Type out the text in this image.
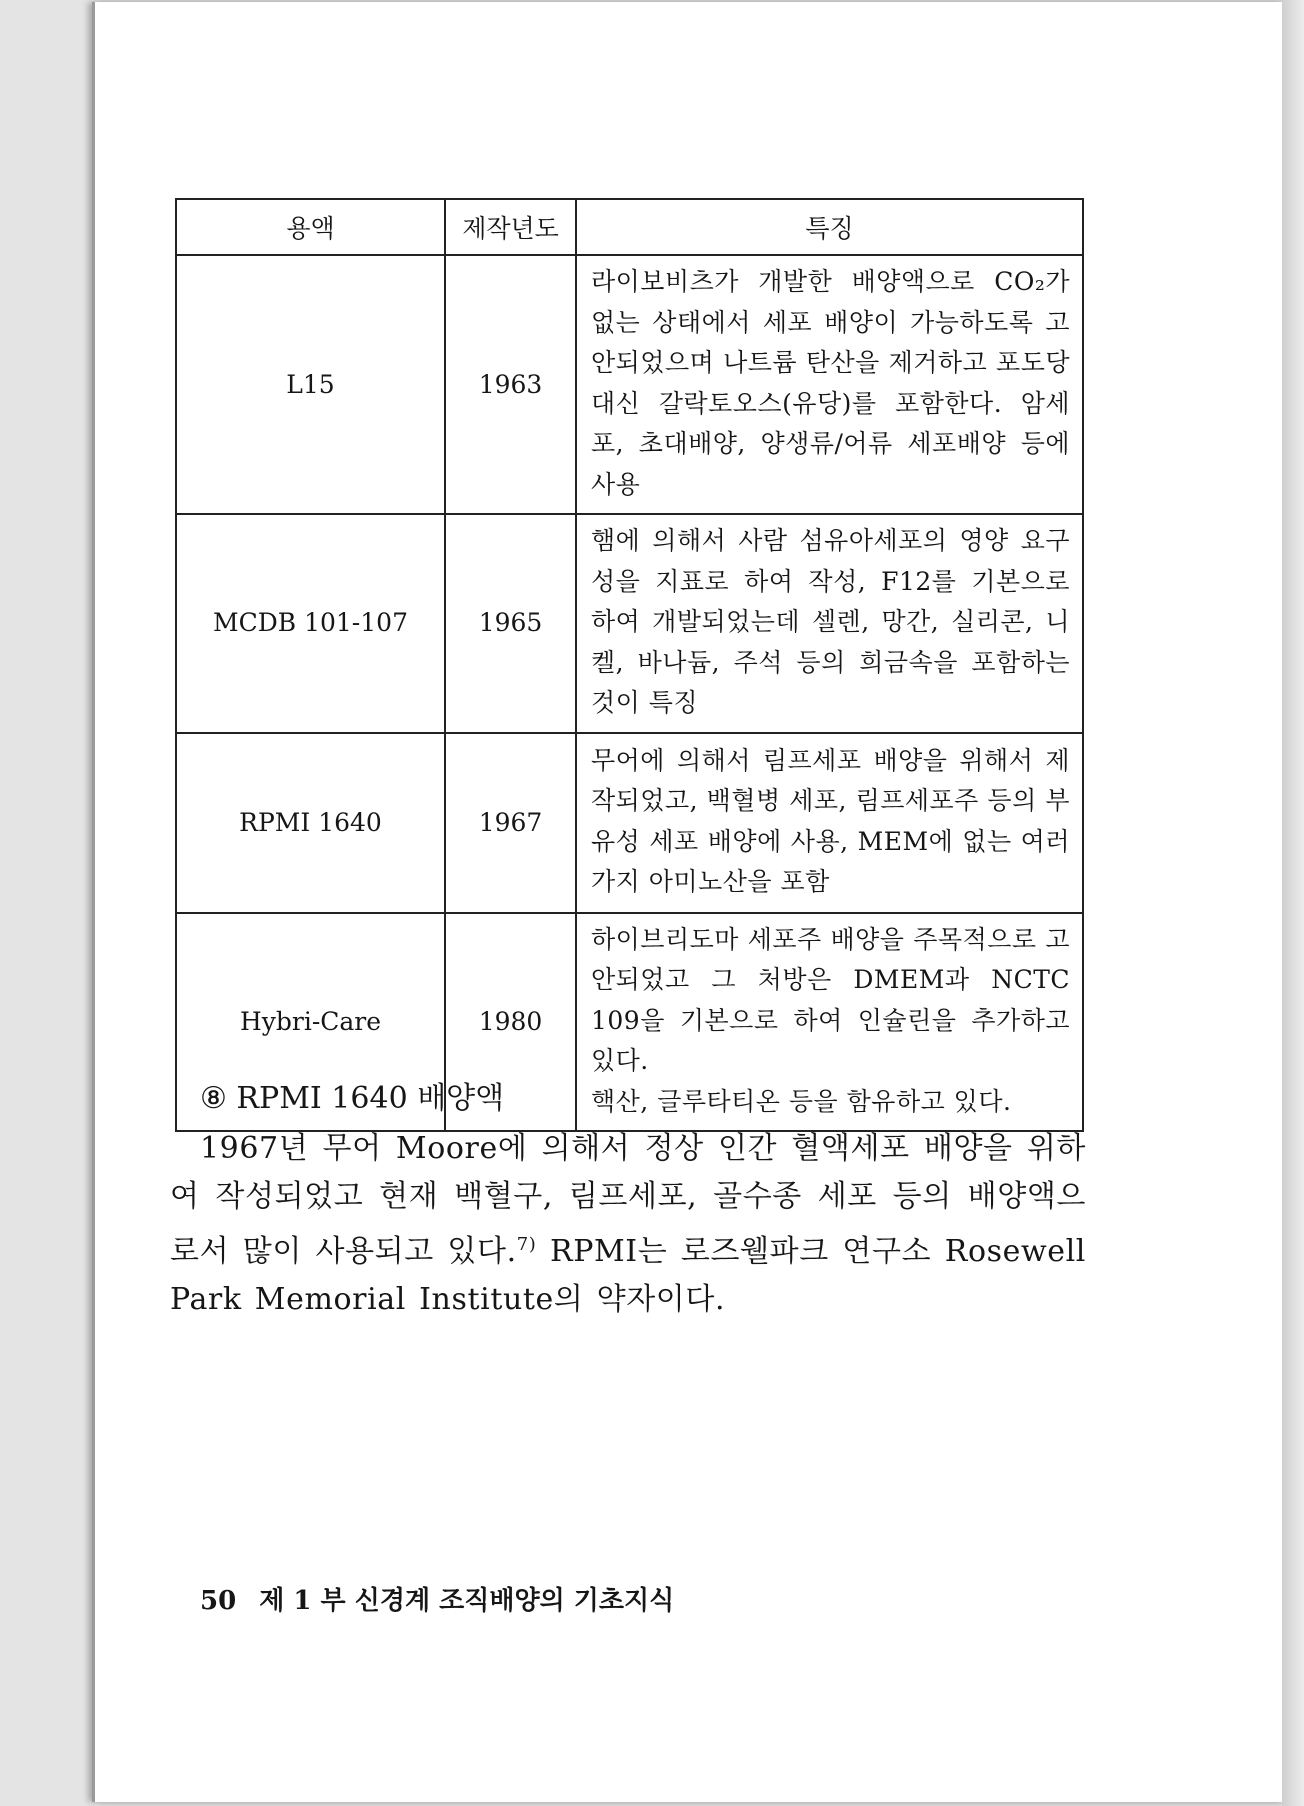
용액	제작년도	특징
L15	1963	라이보비츠가 개발한 배양액으로 CO₂가 없는 상태에서 세포 배양이 가능하도록 고안되었으며 나트륨 탄산을 제거하고 포도당 대신 갈락토오스(유당)를 포함한다. 암세포, 초대배양, 양생류/어류 세포배양 등에 사용
MCDB 101-107	1965	햄에 의해서 사람 섬유아세포의 영양 요구성을 지표로 하여 작성, F12를 기본으로 하여 개발되었는데 셀렌, 망간, 실리콘, 니켈, 바나듐, 주석 등의 희금속을 포함하는 것이 특징
RPMI 1640	1967	무어에 의해서 림프세포 배양을 위해서 제작되었고, 백혈병 세포, 림프세포주 등의 부유성 세포 배양에 사용, MEM에 없는 여러 가지 아미노산을 포함
Hybri-Care	1980	하이브리도마 세포주 배양을 주목적으로 고안되었고 그 처방은 DMEM과 NCTC 109을 기본으로 하여 인슐린을 추가하고 있다.
핵산, 글루타티온 등을 함유하고 있다.
⑧ RPMI 1640 배양액
1967년 무어 Moore에 의해서 정상 인간 혈액세포 배양을 위하여 작성되었고 현재 백혈구, 림프세포, 골수종 세포 등의 배양액으로서 많이 사용되고 있다.$^{7)}$ RPMI는 로즈웰파크 연구소 Rosewell Park Memorial Institute의 약자이다.
50 제 1 부 신경계 조직배양의 기초지식
